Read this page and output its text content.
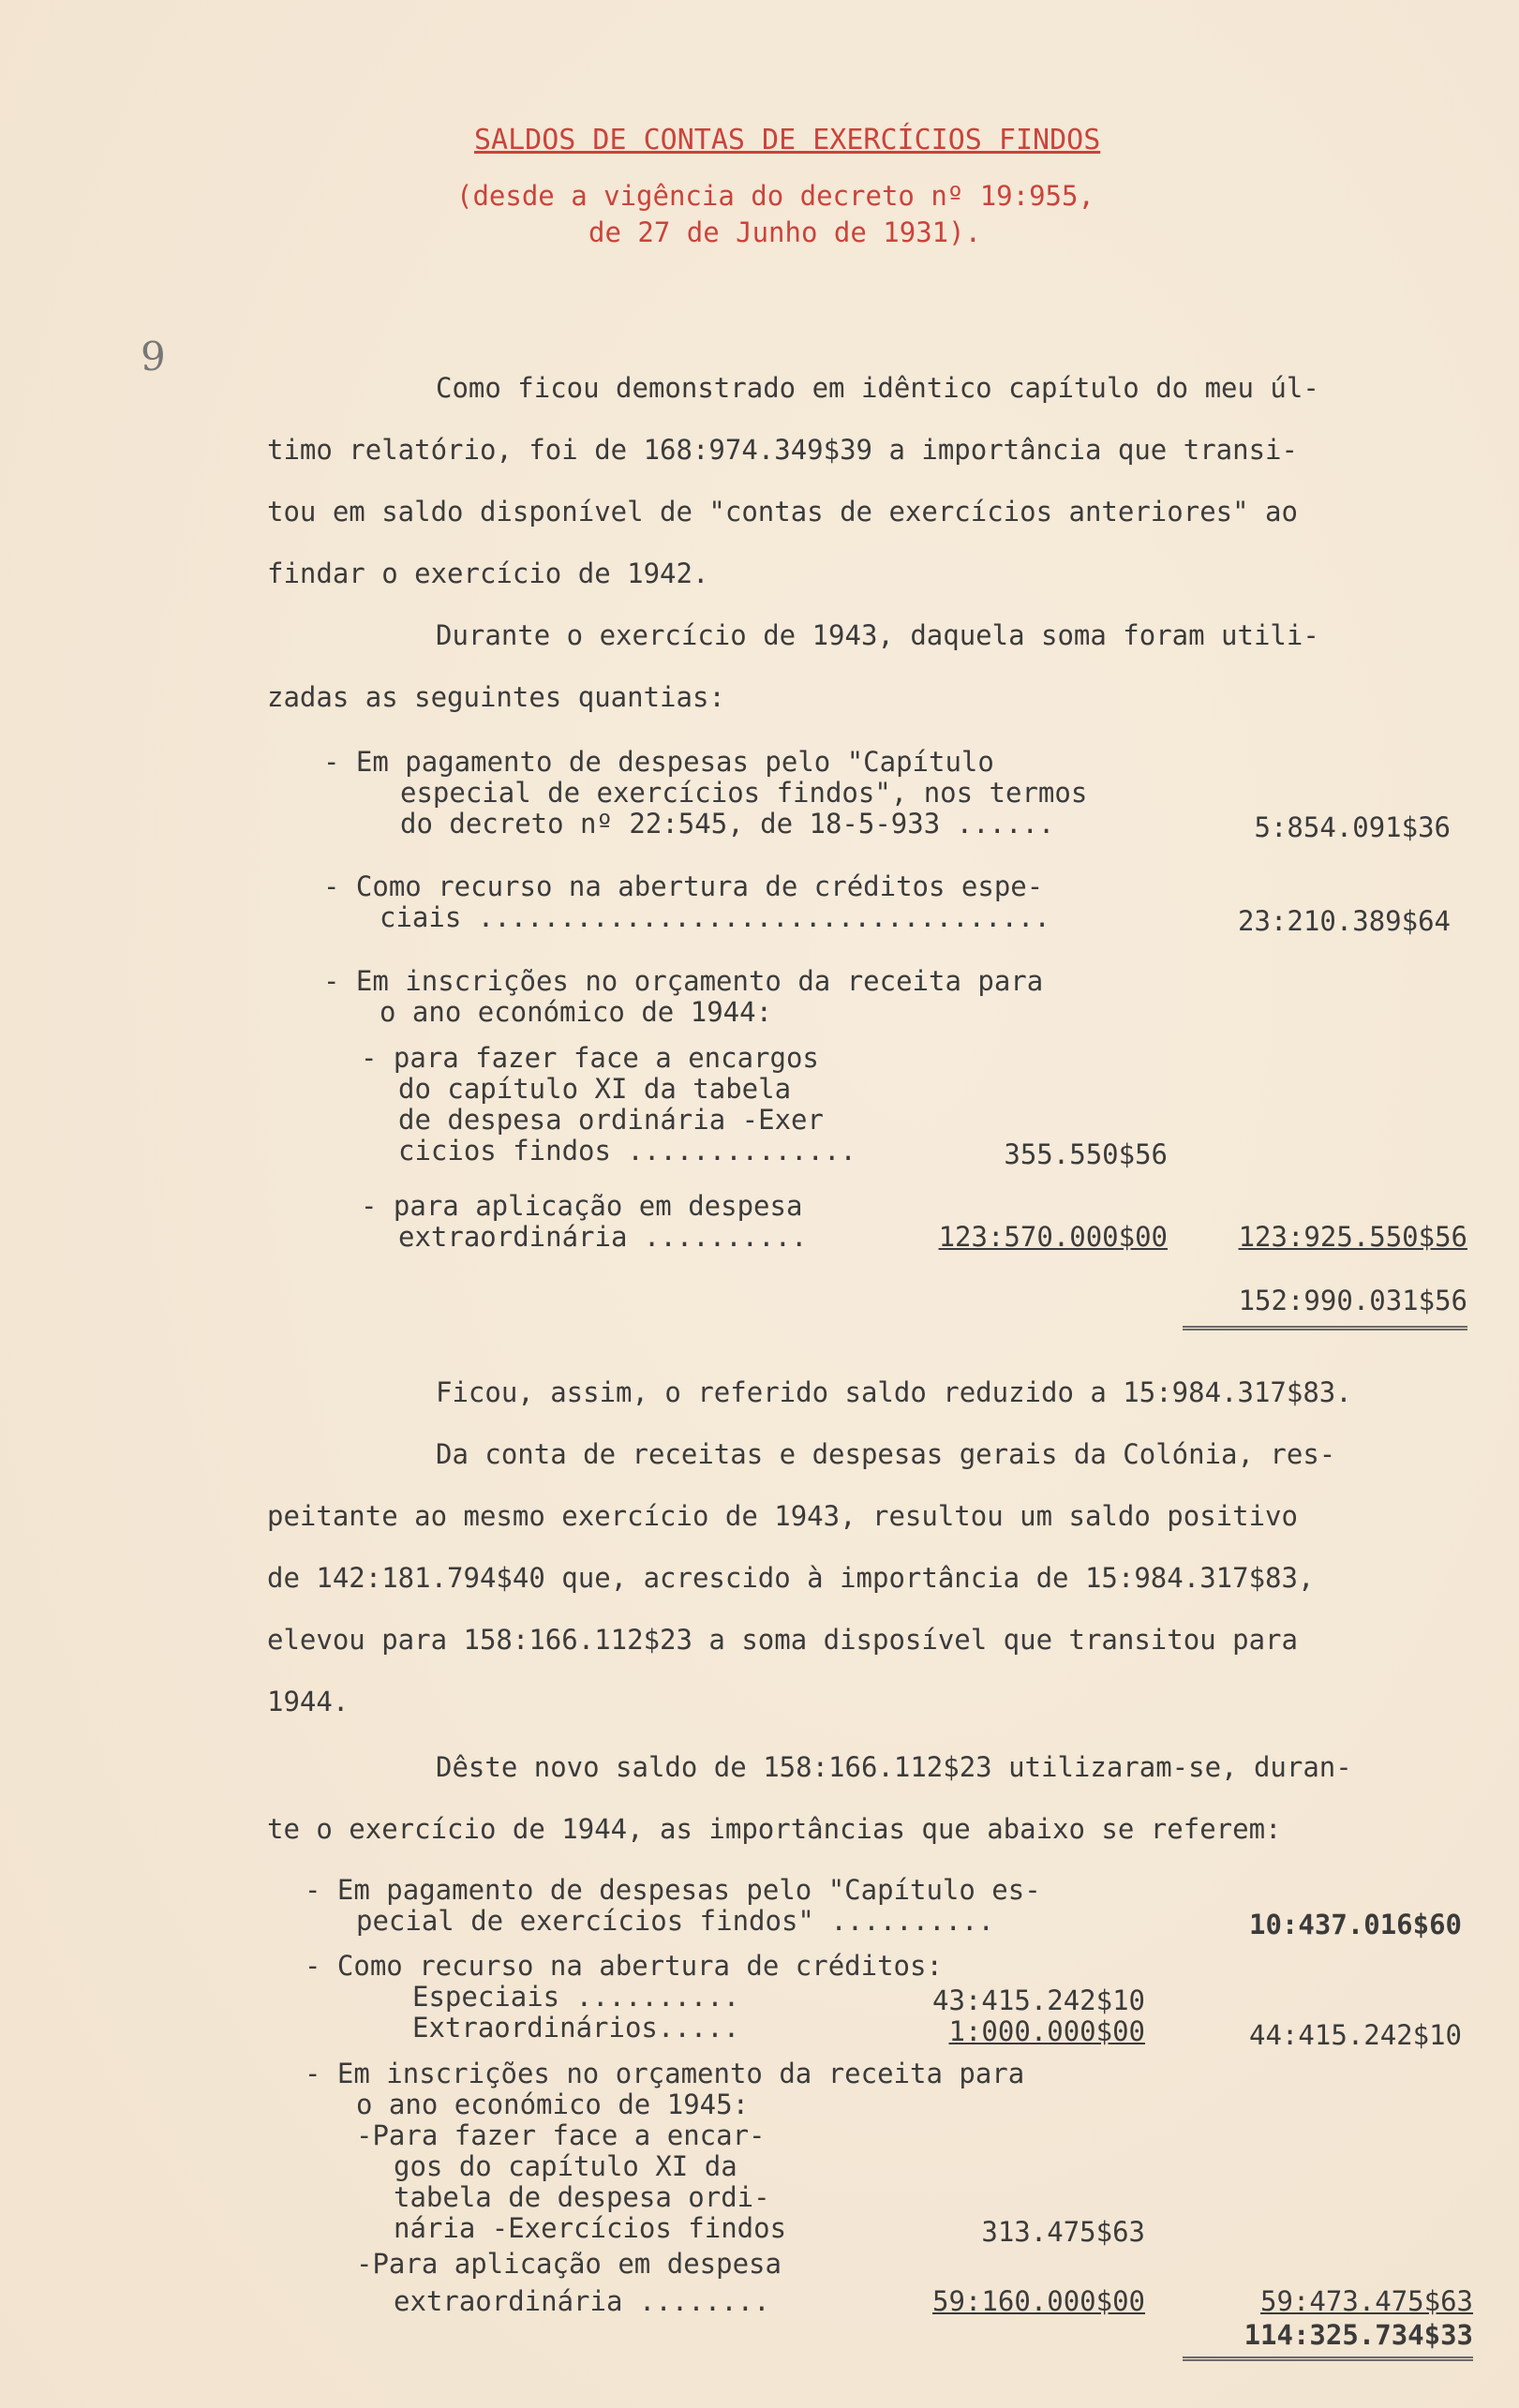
SALDOS DE CONTAS DE EXERCÍCIOS FINDOS
(desde a vigência do decreto nº 19:955,
de 27 de Junho de 1931).
9
Como ficou demonstrado em idêntico capítulo do meu úl-
timo relatório, foi de 168:974.349$39 a importância que transi-
tou em saldo disponível de "contas de exercícios anteriores" ao
findar o exercício de 1942.
Durante o exercício de 1943, daquela soma foram utili-
zadas as seguintes quantias:
- Em pagamento de despesas pelo "Capítulo
especial de exercícios findos", nos termos
do decreto nº 22:545, de 18-5-933 ......	5:854.091$36
- Como recurso na abertura de créditos espe-
ciais ...................................	23:210.389$64
- Em inscrições no orçamento da receita para
o ano económico de 1944:
- para fazer face a encargos
do capítulo XI da tabela
de despesa ordinária -Exer
cicios findos ..............	355.550$56
- para aplicação em despesa
extraordinária ..........	123:570.000$00	123:925.550$56
152:990.031$56
Ficou, assim, o referido saldo reduzido a 15:984.317$83.
Da conta de receitas e despesas gerais da Colónia, res-
peitante ao mesmo exercício de 1943, resultou um saldo positivo
de 142:181.794$40 que, acrescido à importância de 15:984.317$83,
elevou para 158:166.112$23 a soma disposível que transitou para
1944.
Dêste novo saldo de 158:166.112$23 utilizaram-se, duran-
te o exercício de 1944, as importâncias que abaixo se referem:
- Em pagamento de despesas pelo "Capítulo es-
pecial de exercícios findos" ..........	10:437.016$60
- Como recurso na abertura de créditos:
Especiais ..........	43:415.242$10
Extraordinários.....	1:000.000$00	44:415.242$10
- Em inscrições no orçamento da receita para
o ano económico de 1945:
-Para fazer face a encar-
gos do capítulo XI da
tabela de despesa ordi-
nária -Exercícios findos	313.475$63
-Para aplicação em despesa
extraordinária ........	59:160.000$00	59:473.475$63
114:325.734$33
